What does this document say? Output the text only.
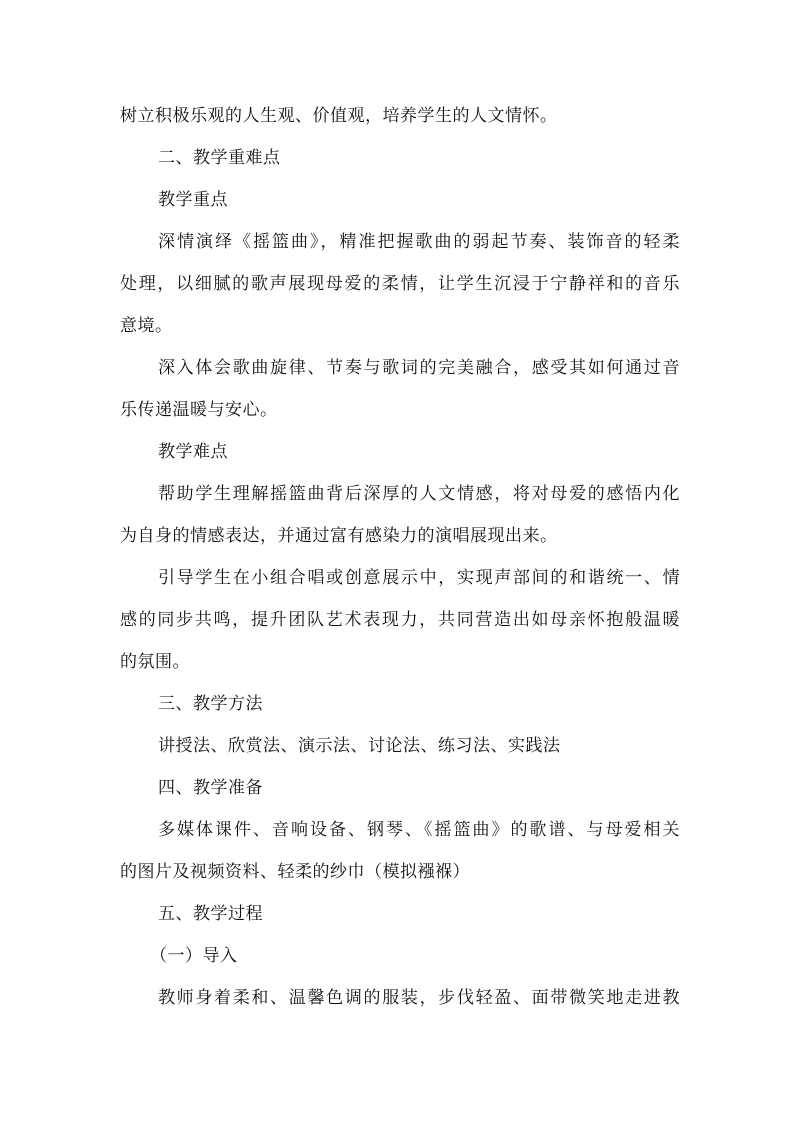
树立积极乐观的人生观、价值观，培养学生的人文情怀。
二、教学重难点
教学重点
深情演绎《摇篮曲》，精准把握歌曲的弱起节奏、装饰音的轻柔
处理，以细腻的歌声展现母爱的柔情，让学生沉浸于宁静祥和的音乐
意境。
深入体会歌曲旋律、节奏与歌词的完美融合，感受其如何通过音
乐传递温暖与安心。
教学难点
帮助学生理解摇篮曲背后深厚的人文情感，将对母爱的感悟内化
为自身的情感表达，并通过富有感染力的演唱展现出来。
引导学生在小组合唱或创意展示中，实现声部间的和谐统一、情
感的同步共鸣，提升团队艺术表现力，共同营造出如母亲怀抱般温暖
的氛围。
三、教学方法
讲授法、欣赏法、演示法、讨论法、练习法、实践法
四、教学准备
多媒体课件、音响设备、钢琴、《摇篮曲》的歌谱、与母爱相关
的图片及视频资料、轻柔的纱巾（模拟襁褓）
五、教学过程
（一）导入
教师身着柔和、温馨色调的服装，步伐轻盈、面带微笑地走进教
